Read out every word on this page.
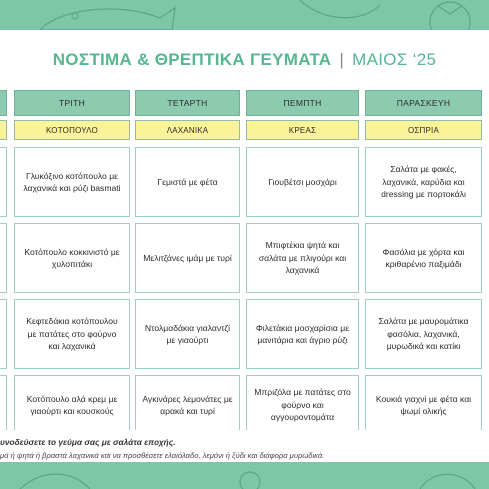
ΝΟΣΤΙΜΑ & ΘΡΕΠΤΙΚΑ ΓΕΥΜΑΤΑ | ΜΑΙΟΣ ‘25
ΤΡΙΤΗ
ΚΟΤΟΠΟΥΛΟ
Γλυκόξινο κοτόπουλο με λαχανικά και ρύζι basmati
Κοτόπουλο κοκκινιστό με χυλοπιτάκι
Κεφτεδάκια κοτόπουλου με πατάτες στο φούρνο και λαχανικά
Κοτόπουλο αλά κρεμ με γιαούρτι και κουσκούς
ΤΕΤΑΡΤΗ
ΛΑΧΑΝΙΚΑ
Γεμιστά με φέτα
Μελιτζάνες ιμάμ με τυρί
Ντολμαδάκια γιαλαντζί με γιαούρτι
Αγκινάρες λεμονάτες με αρακά και τυρί
ΠΕΜΠΤΗ
ΚΡΕΑΣ
Γιουβέτσι μοσχάρι
Μπιφτέκια ψητά και σαλάτα με πλιγούρι και λαχανικά
Φιλετάκια μοσχαρίσια με μανιτάρια και άγριο ρύζι
Μπριζόλα με πατάτες στο φούρνο και αγγουροντομάτα
ΠΑΡΑΣΚΕΥΗ
ΟΣΠΡΙΑ
Σαλάτα με φακές, λαχανικά, καρύδια και dressing με πορτοκάλι
Φασόλια με χόρτα και κριθαρένιο παξιμάδι
Σαλάτα με μαυρομάτικα φασόλια, λαχανικά, μυρωδικά και κατίκι
Κουκιά γιαχνί με φέτα και ψωμί ολικής
υνοδεύσετε το γεύμα σας με σαλάτα εποχής.
μά ή ψητά ή βραστά λαχανικά και να προσθέσετε ελαιόλαδο, λεμόνι ή ξύδι και διάφορα μυρωδικά.
